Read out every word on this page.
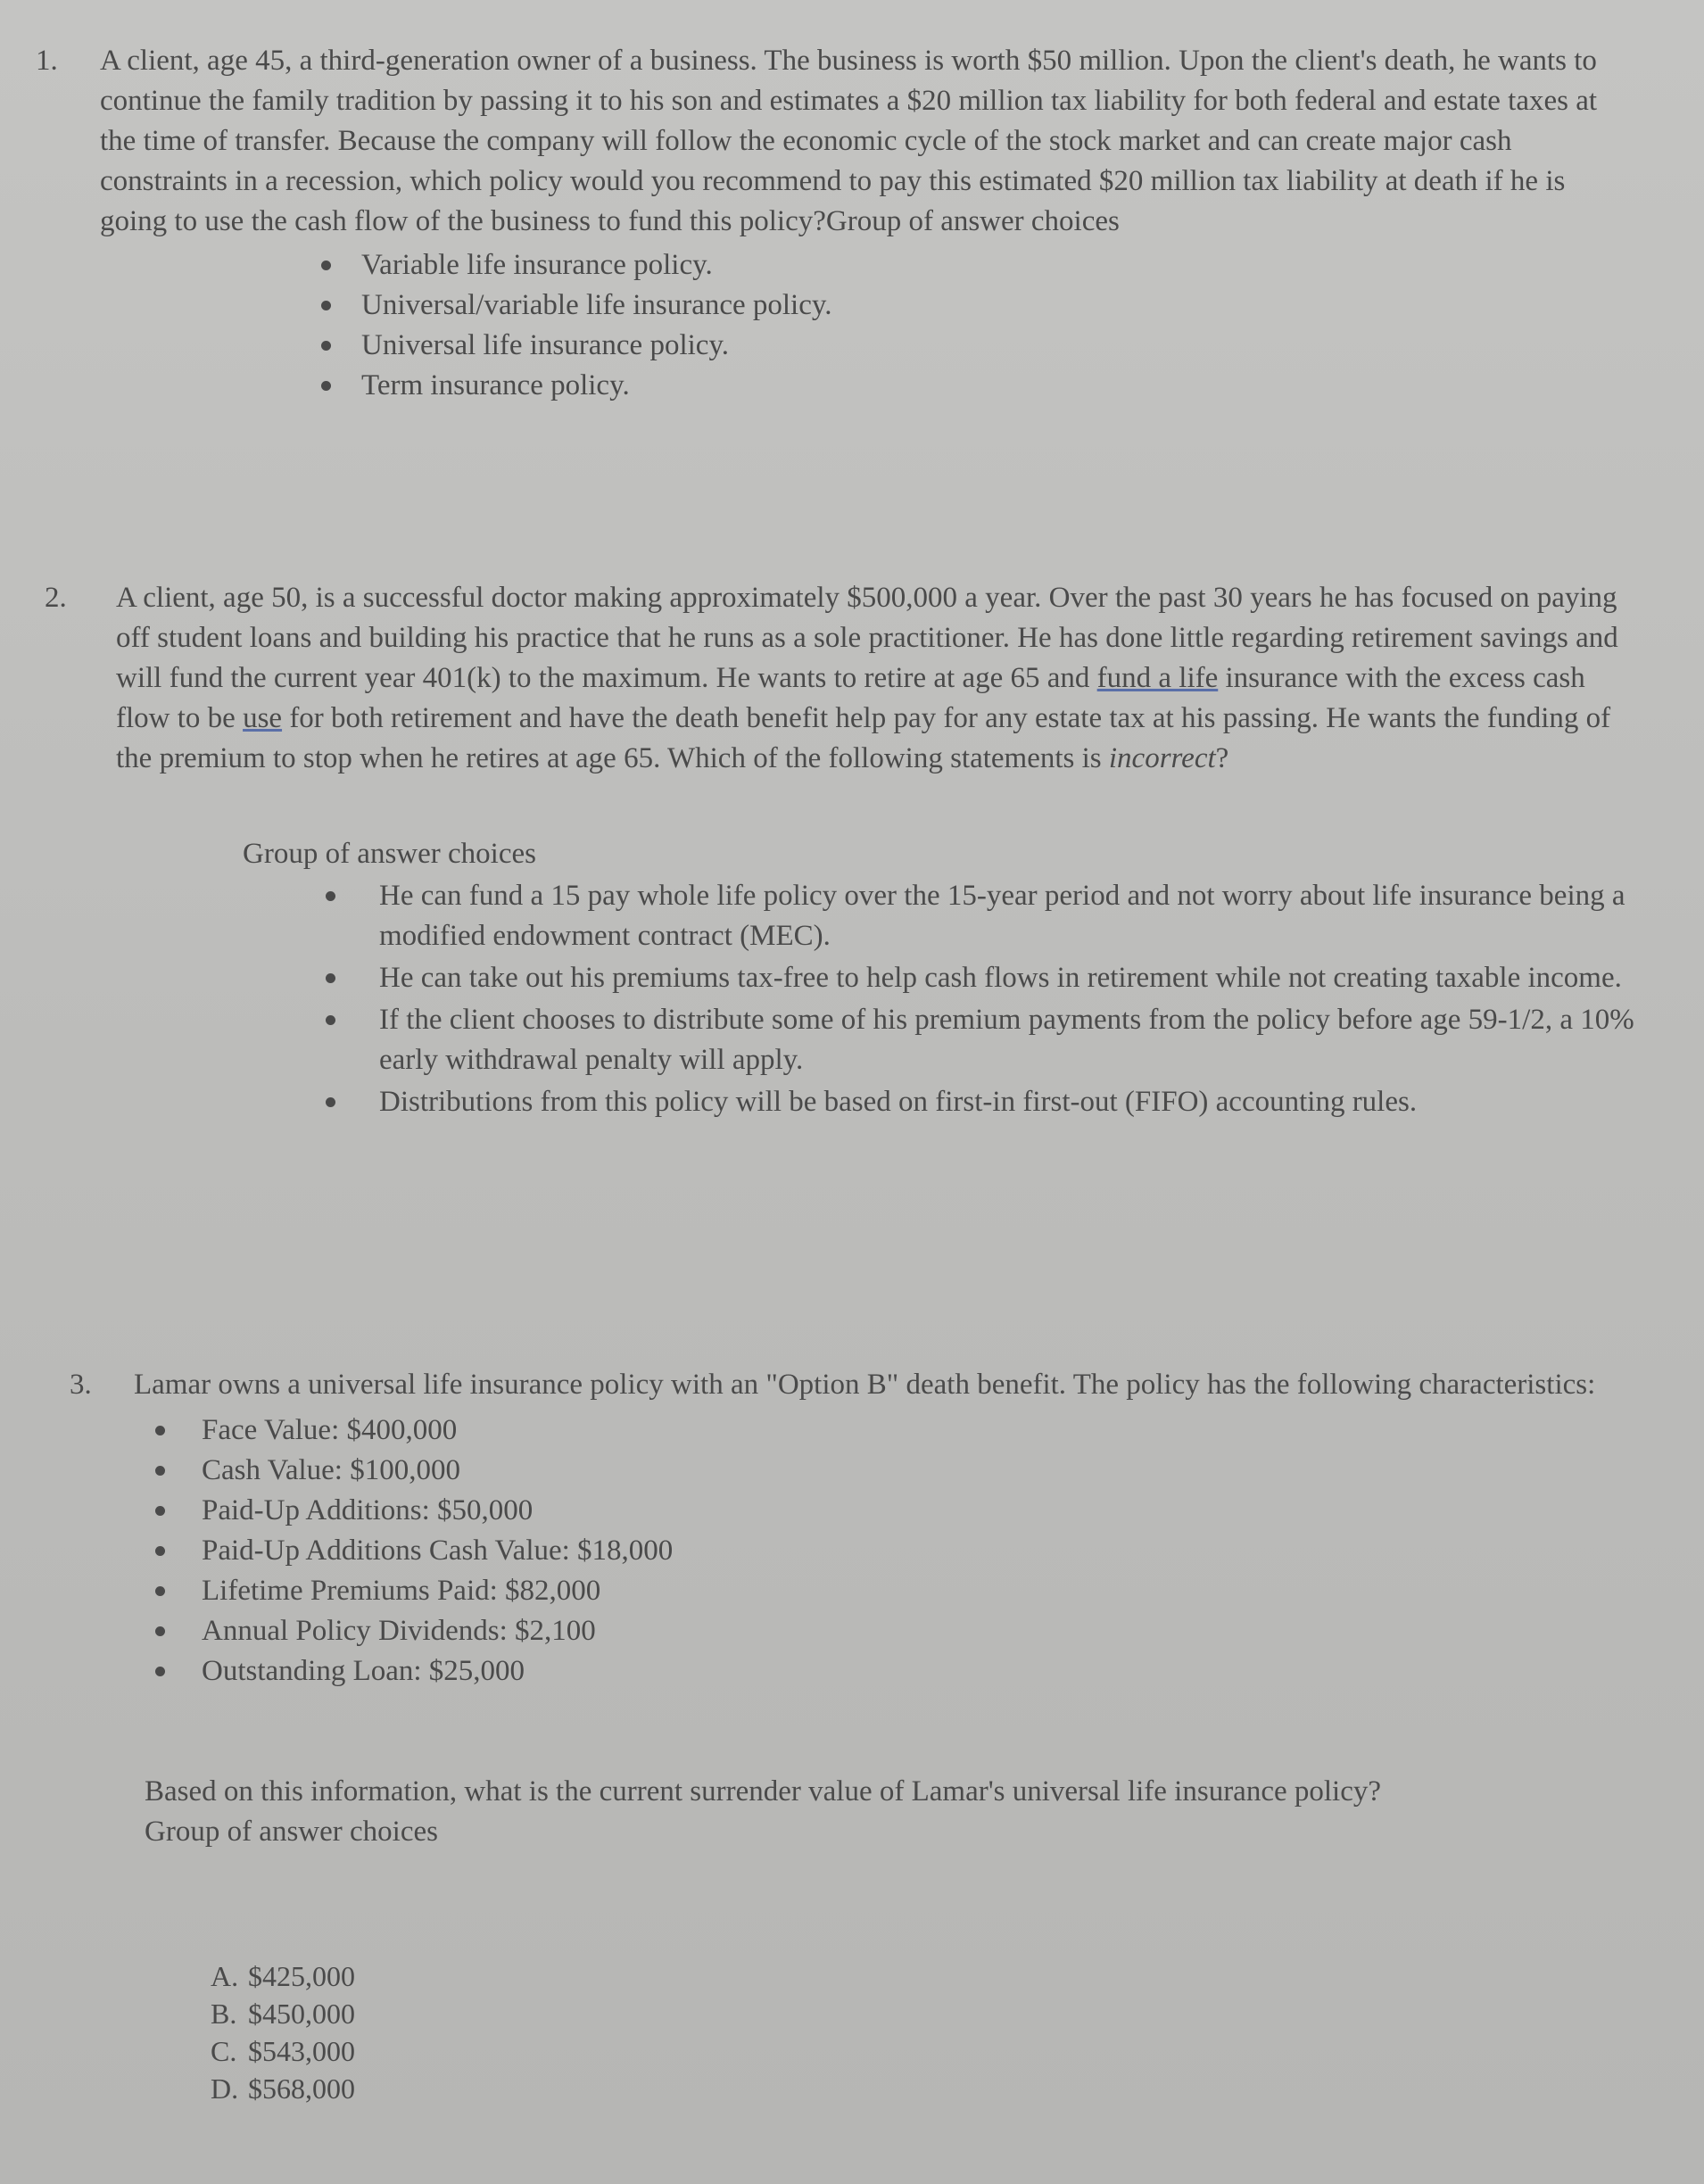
1. A client, age 45, a third-generation owner of a business. The business is worth $50 million. Upon the client's death, he wants to continue the family tradition by passing it to his son and estimates a $20 million tax liability for both federal and estate taxes at the time of transfer. Because the company will follow the economic cycle of the stock market and can create major cash constraints in a recession, which policy would you recommend to pay this estimated $20 million tax liability at death if he is going to use the cash flow of the business to fund this policy?Group of answer choices

Variable life insurance policy.
Universal/variable life insurance policy.
Universal life insurance policy.
Term insurance policy.
2. A client, age 50, is a successful doctor making approximately $500,000 a year. Over the past 30 years he has focused on paying off student loans and building his practice that he runs as a sole practitioner. He has done little regarding retirement savings and will fund the current year 401(k) to the maximum. He wants to retire at age 65 and fund a life insurance with the excess cash flow to be use for both retirement and have the death benefit help pay for any estate tax at his passing. He wants the funding of the premium to stop when he retires at age 65. Which of the following statements is incorrect?

Group of answer choices
He can fund a 15 pay whole life policy over the 15-year period and not worry about life insurance being a modified endowment contract (MEC).
He can take out his premiums tax-free to help cash flows in retirement while not creating taxable income.
If the client chooses to distribute some of his premium payments from the policy before age 59-1/2, a 10% early withdrawal penalty will apply.
Distributions from this policy will be based on first-in first-out (FIFO) accounting rules.
3. Lamar owns a universal life insurance policy with an "Option B" death benefit. The policy has the following characteristics:

Face Value: $400,000
Cash Value: $100,000
Paid-Up Additions: $50,000
Paid-Up Additions Cash Value: $18,000
Lifetime Premiums Paid: $82,000
Annual Policy Dividends: $2,100
Outstanding Loan: $25,000

Based on this information, what is the current surrender value of Lamar's universal life insurance policy?
Group of answer choices

A. $425,000
B. $450,000
C. $543,000
D. $568,000
